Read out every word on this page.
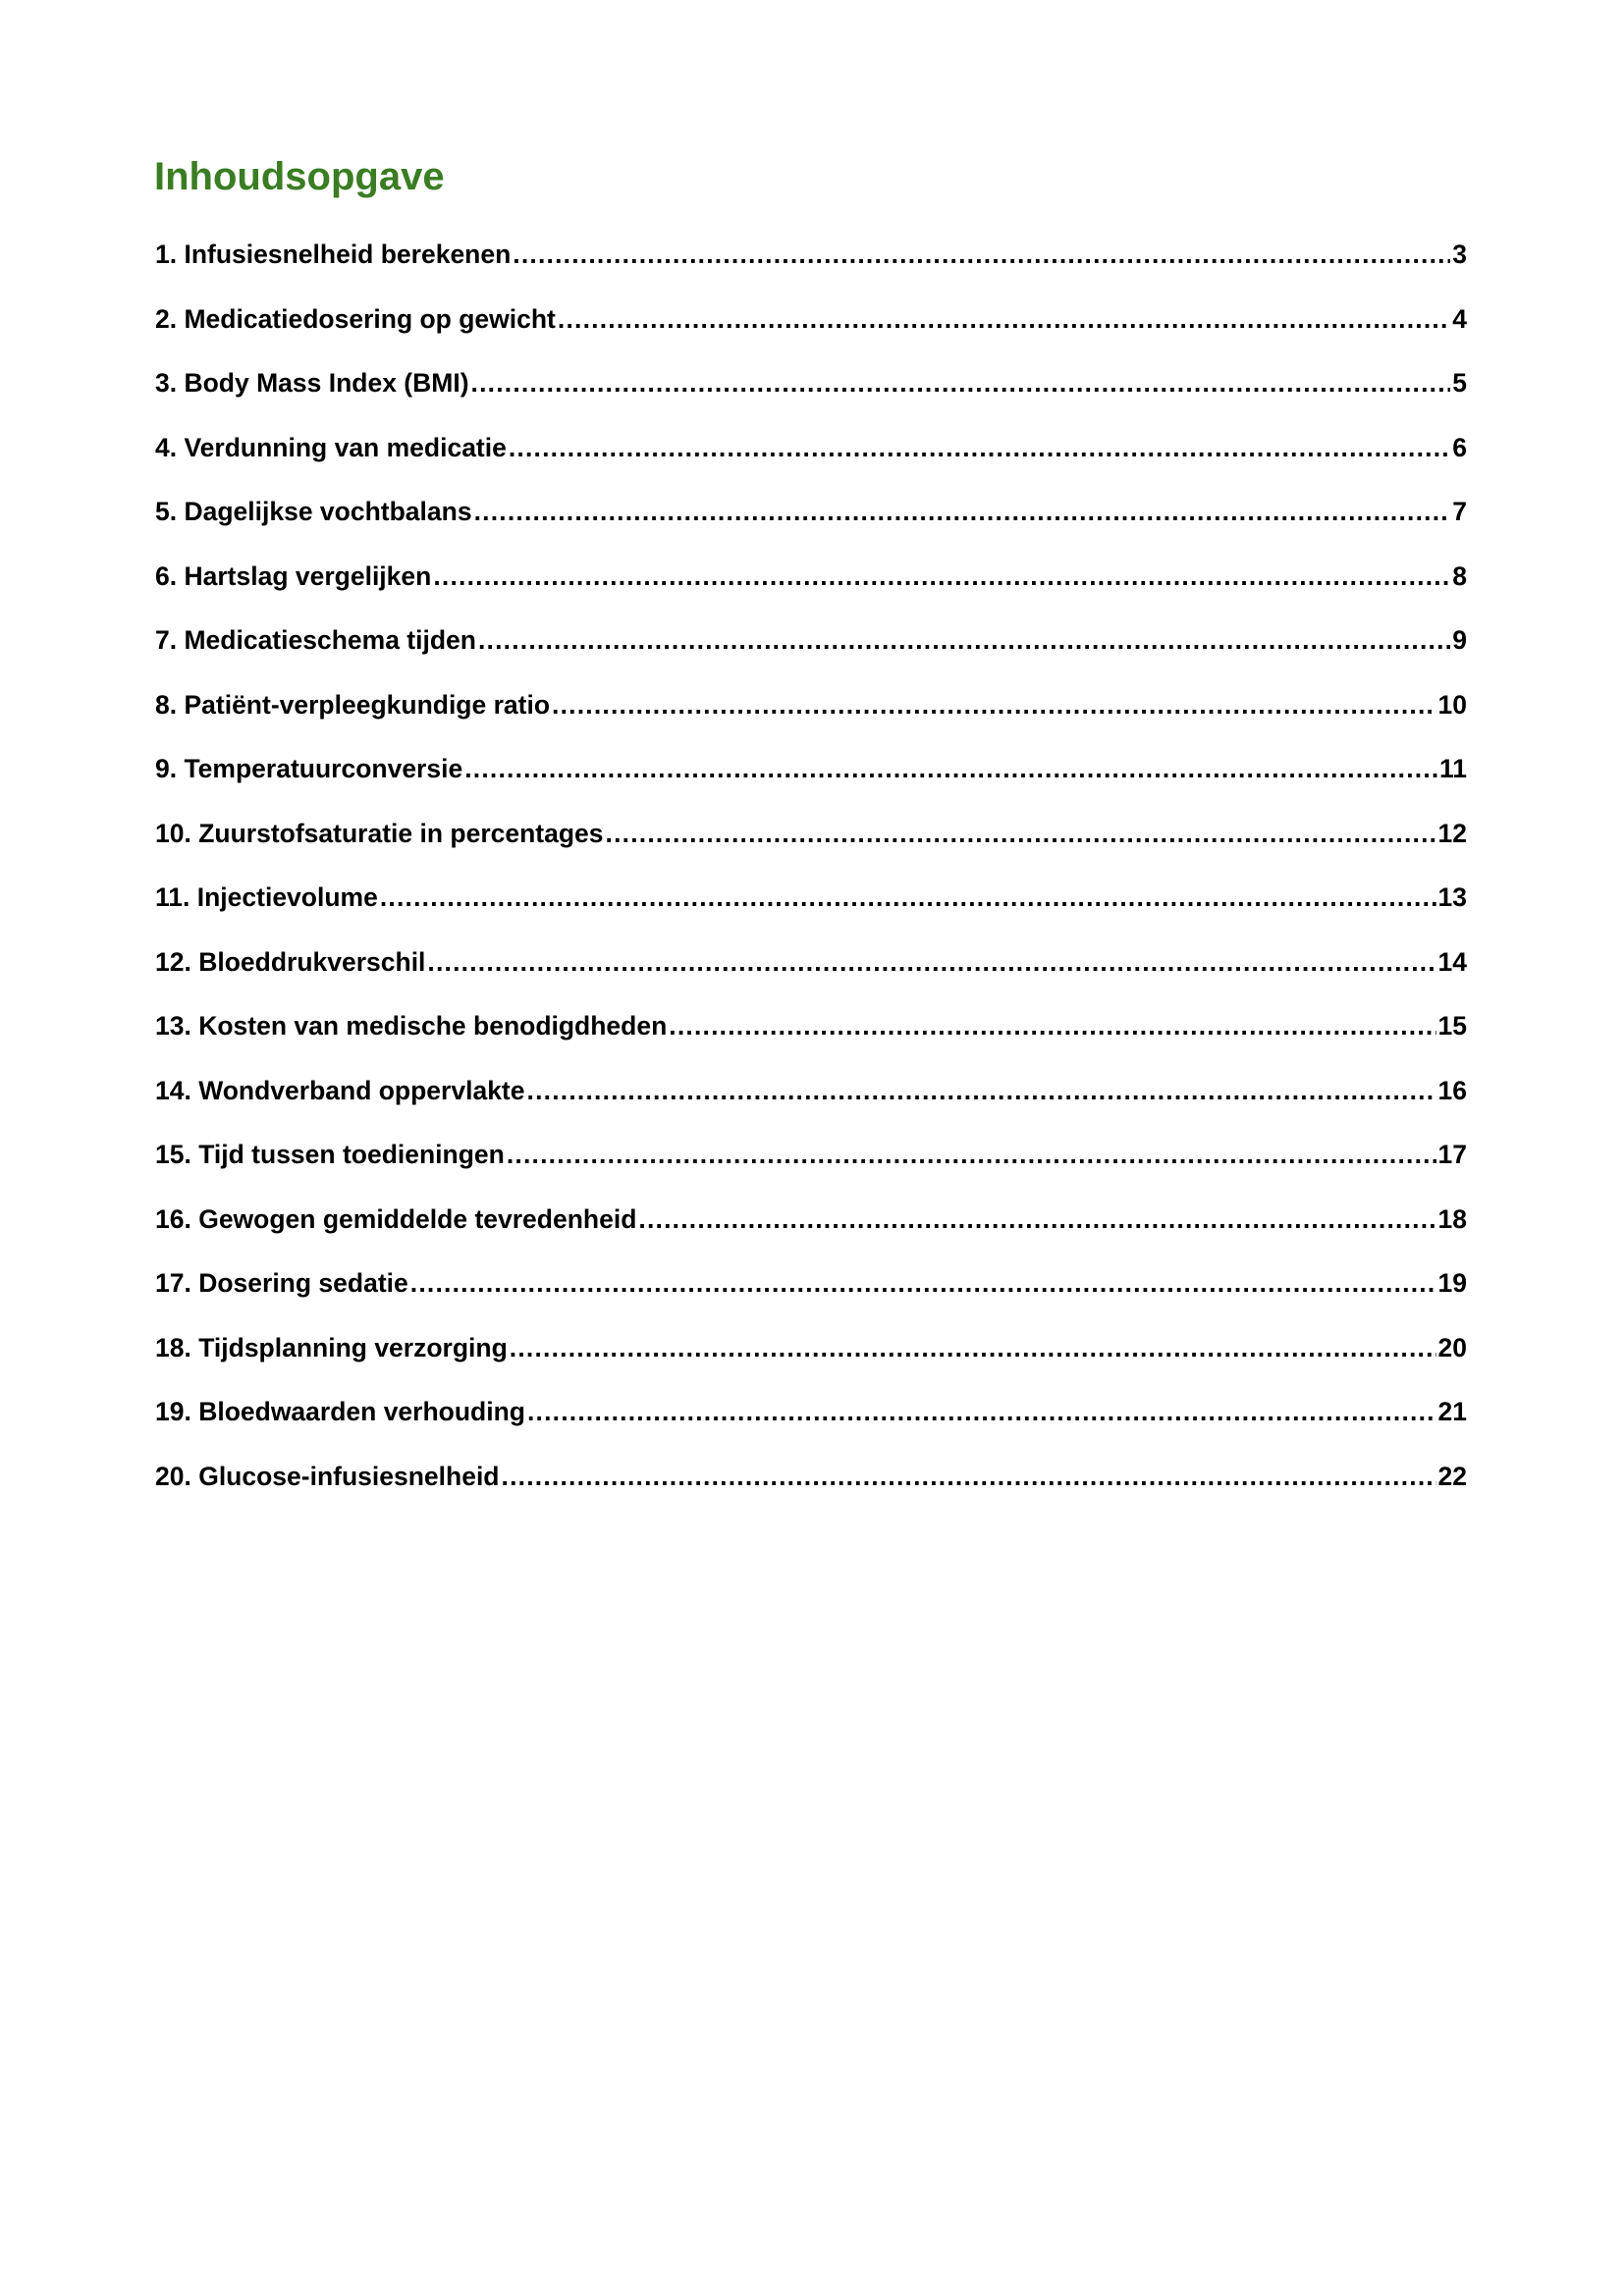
Inhoudsopgave
1. Infusiesnelheid berekenen .....	3
2. Medicatiedosering op gewicht .....	4
3. Body Mass Index (BMI) .....	5
4. Verdunning van medicatie .....	6
5. Dagelijkse vochtbalans .....	7
6. Hartslag vergelijken .....	8
7. Medicatieschema tijden .....	9
8. Patiënt-verpleegkundige ratio .....	10
9. Temperatuurconversie .....	11
10. Zuurstofsaturatie in percentages .....	12
11. Injectievolume .....	13
12. Bloeddrukverschil .....	14
13. Kosten van medische benodigdheden .....	15
14. Wondverband oppervlakte .....	16
15. Tijd tussen toedieningen .....	17
16. Gewogen gemiddelde tevredenheid .....	18
17. Dosering sedatie .....	19
18. Tijdsplanning verzorging .....	20
19. Bloedwaarden verhouding .....	21
20. Glucose-infusiesnelheid .....	22
